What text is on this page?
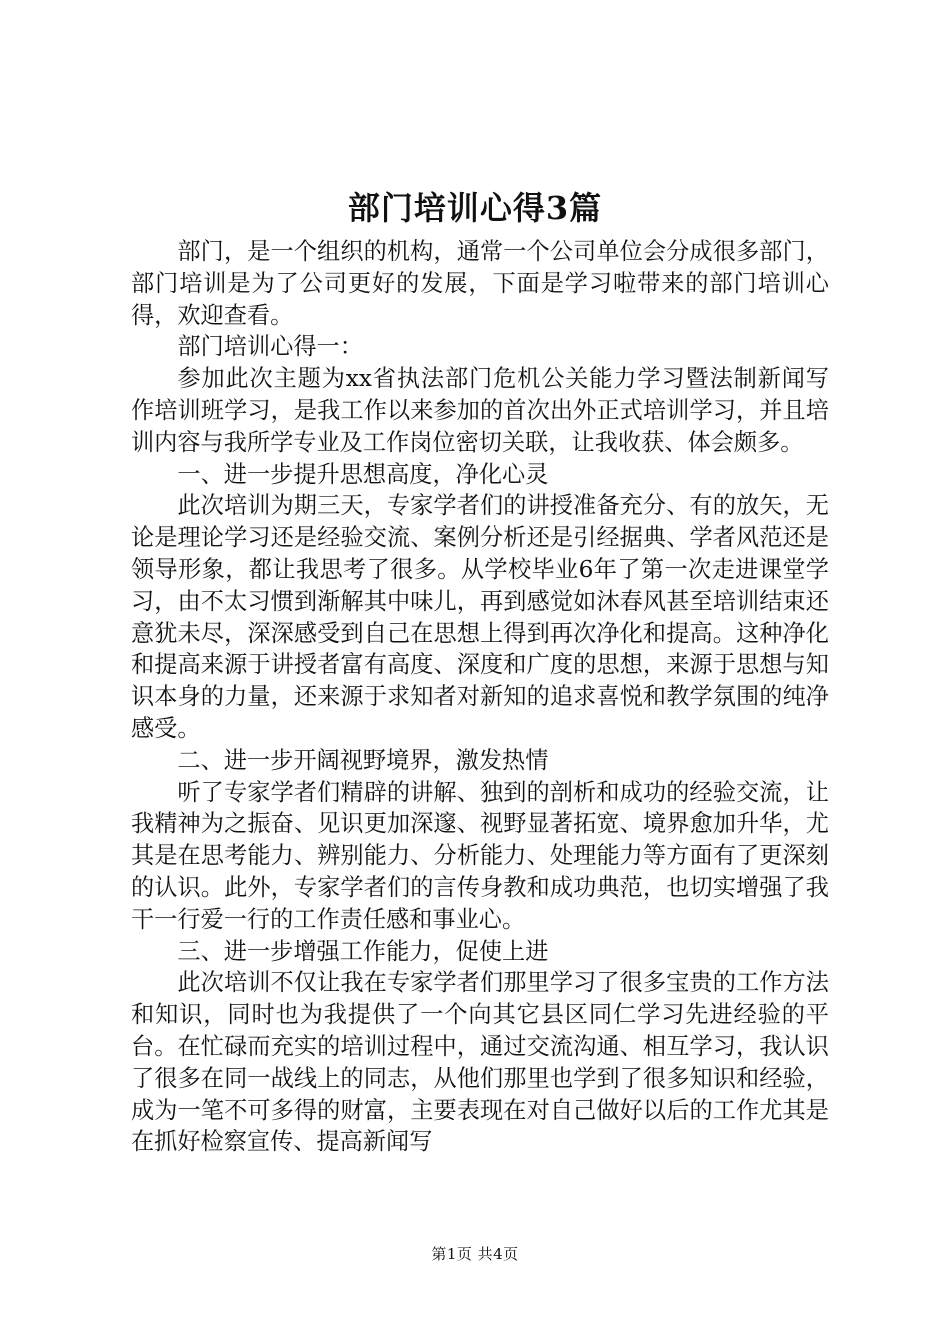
部门培训心得3篇

部门，是一个组织的机构，通常一个公司单位会分成很多部门，部门培训是为了公司更好的发展，下面是学习啦带来的部门培训心得，欢迎查看。

部门培训心得一：

参加此次主题为xx省执法部门危机公关能力学习暨法制新闻写作培训班学习，是我工作以来参加的首次出外正式培训学习，并且培训内容与我所学专业及工作岗位密切关联，让我收获、体会颇多。

一、进一步提升思想高度，净化心灵

此次培训为期三天，专家学者们的讲授准备充分、有的放矢，无论是理论学习还是经验交流、案例分析还是引经据典、学者风范还是领导形象，都让我思考了很多。从学校毕业6年了第一次走进课堂学习，由不太习惯到渐解其中味儿，再到感觉如沐春风甚至培训结束还意犹未尽，深深感受到自己在思想上得到再次净化和提高。这种净化和提高来源于讲授者富有高度、深度和广度的思想，来源于思想与知识本身的力量，还来源于求知者对新知的追求喜悦和教学氛围的纯净感受。

二、进一步开阔视野境界，激发热情

听了专家学者们精辟的讲解、独到的剖析和成功的经验交流，让我精神为之振奋、见识更加深邃、视野显著拓宽、境界愈加升华，尤其是在思考能力、辨别能力、分析能力、处理能力等方面有了更深刻的认识。此外，专家学者们的言传身教和成功典范，也切实增强了我干一行爱一行的工作责任感和事业心。

三、进一步增强工作能力，促使上进

此次培训不仅让我在专家学者们那里学习了很多宝贵的工作方法和知识，同时也为我提供了一个向其它县区同仁学习先进经验的平台。在忙碌而充实的培训过程中，通过交流沟通、相互学习，我认识了很多在同一战线上的同志，从他们那里也学到了很多知识和经验，成为一笔不可多得的财富，主要表现在对自己做好以后的工作尤其是在抓好检察宣传、提高新闻写

第1页 共4页
